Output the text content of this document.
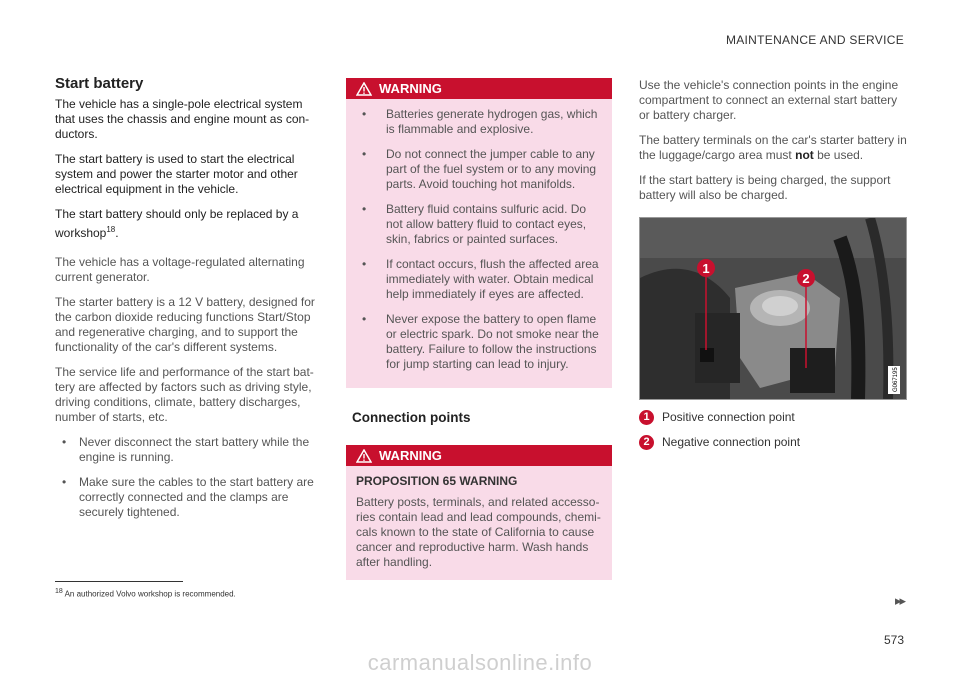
MAINTENANCE AND SERVICE
Start battery

The vehicle has a single-pole electrical system that uses the chassis and engine mount as con-ductors.

The start battery is used to start the electrical system and power the starter motor and other electrical equipment in the vehicle.

The start battery should only be replaced by a workshop$^{18}$.

The vehicle has a voltage-regulated alternating current generator.

The starter battery is a 12 V battery, designed for the carbon dioxide reducing functions Start/Stop and regenerative charging, and to support the functionality of the car's different systems.

The service life and performance of the start bat-tery are affected by factors such as driving style, driving conditions, climate, battery discharges, number of starts, etc.

• Never disconnect the start battery while the engine is running.
• Make sure the cables to the start battery are correctly connected and the clamps are securely tightened.
WARNING
• Batteries generate hydrogen gas, which is flammable and explosive.
• Do not connect the jumper cable to any part of the fuel system or to any moving parts. Avoid touching hot manifolds.
• Battery fluid contains sulfuric acid. Do not allow battery fluid to contact eyes, skin, fabrics or painted surfaces.
• If contact occurs, flush the affected area immediately with water. Obtain medical help immediately if eyes are affected.
• Never expose the battery to open flame or electric spark. Do not smoke near the battery. Failure to follow the instructions for jump starting can lead to injury.
Connection points
WARNING
PROPOSITION 65 WARNING
Battery posts, terminals, and related accesso-ries contain lead and lead compounds, chemi-cals known to the state of California to cause cancer and reproductive harm. Wash hands after handling.

Use the vehicle's connection points in the engine compartment to connect an external start battery or battery charger.

The battery terminals on the car's starter battery in the luggage/cargo area must not be used.

If the start battery is being charged, the support battery will also be charged.

1
2
G067195
1	Positive connection point
2	Negative connection point
$^{18}$ An authorized Volvo workshop is recommended.	▸▸
573
carmanualsonline.info
